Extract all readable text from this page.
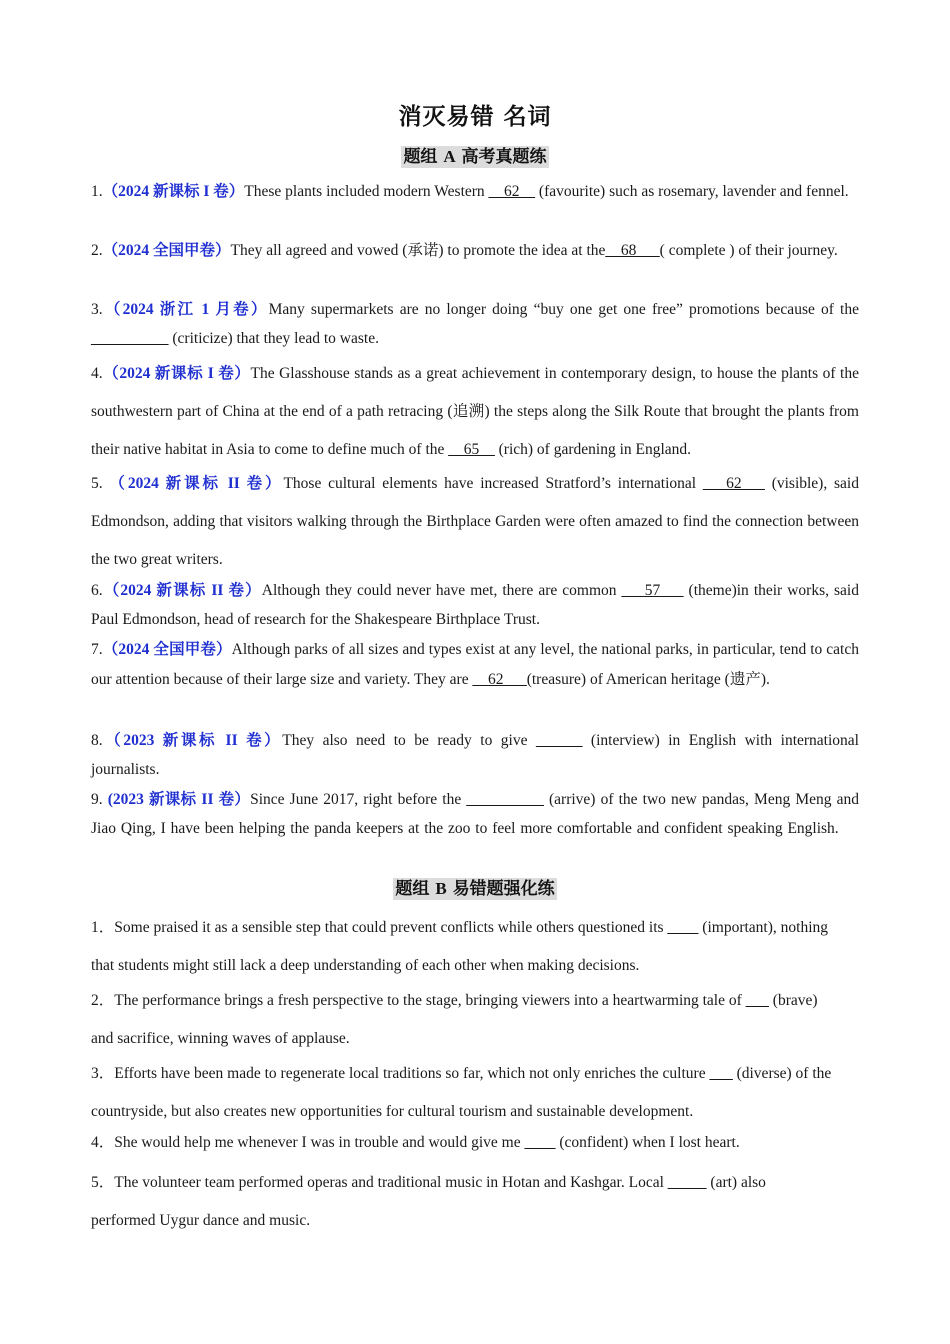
消灭易错 名词
题组 A 高考真题练
1.（2024 新课标 I 卷）These plants included modern Western __62__ (favourite) such as rosemary, lavender and fennel.
2.（2024 全国甲卷）They all agreed and vowed (承诺) to promote the idea at the__68___( complete ) of their journey.
3.（2024 浙江 1 月卷）Many supermarkets are no longer doing “buy one get one free” promotions because of the __________ (criticize) that they lead to waste.
4.（2024 新课标 I 卷）The Glasshouse stands as a great achievement in contemporary design, to house the plants of the southwestern part of China at the end of a path retracing (追溯) the steps along the Silk Route that brought the plants from their native habitat in Asia to come to define much of the __65__ (rich) of gardening in England.
5. （2024 新课标 II 卷）Those cultural elements have increased Stratford’s international ___62___ (visible), said Edmondson, adding that visitors walking through the Birthplace Garden were often amazed to find the connection between the two great writers.
6.（2024 新课标 II 卷）Although they could never have met, there are common ___57___ (theme)in their works, said Paul Edmondson, head of research for the Shakespeare Birthplace Trust.
7.（2024 全国甲卷）Although parks of all sizes and types exist at any level, the national parks, in particular, tend to catch our attention because of their large size and variety. They are __62___(treasure) of American heritage (遗产).
8.（2023 新课标 II 卷）They also need to be ready to give ______ (interview) in English with international journalists.
9. (2023 新课标 II 卷）Since June 2017, right before the __________ (arrive) of the two new pandas, Meng Meng and Jiao Qing, I have been helping the panda keepers at the zoo to feel more comfortable and confident speaking English.
题组 B 易错题强化练
1．Some praised it as a sensible step that could prevent conflicts while others questioned its ____ (important), nothing that students might still lack a deep understanding of each other when making decisions.
2．The performance brings a fresh perspective to the stage, bringing viewers into a heartwarming tale of ___ (brave) and sacrifice, winning waves of applause.
3．Efforts have been made to regenerate local traditions so far, which not only enriches the culture ___ (diverse) of the countryside, but also creates new opportunities for cultural tourism and sustainable development.
4．She would help me whenever I was in trouble and would give me ____ (confident) when I lost heart.
5．The volunteer team performed operas and traditional music in Hotan and Kashgar. Local _____ (art) also performed Uygur dance and music.
